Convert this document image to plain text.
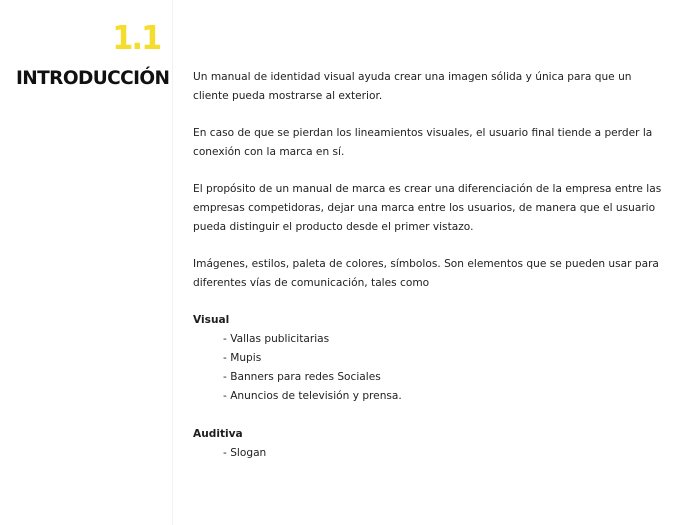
1.1
INTRODUCCIÓN Un manual de identidad visual ayuda crear una imagen sólida y única para que un cliente pueda mostrarse al exterior.

En caso de que se pierdan los lineamientos visuales, el usuario final tiende a perder la conexión con la marca en sí.

El propósito de un manual de marca es crear una diferenciación de la empresa entre las empresas competidoras, dejar una marca entre los usuarios, de manera que el usuario pueda distinguir el producto desde el primer vistazo.

Imágenes, estilos, paleta de colores, símbolos. Son elementos que se pueden usar para diferentes vías de comunicación, tales como

Visual
- Vallas publicitarias
- Mupis
- Banners para redes Sociales
- Anuncios de televisión y prensa.
Auditiva
- Slogan
